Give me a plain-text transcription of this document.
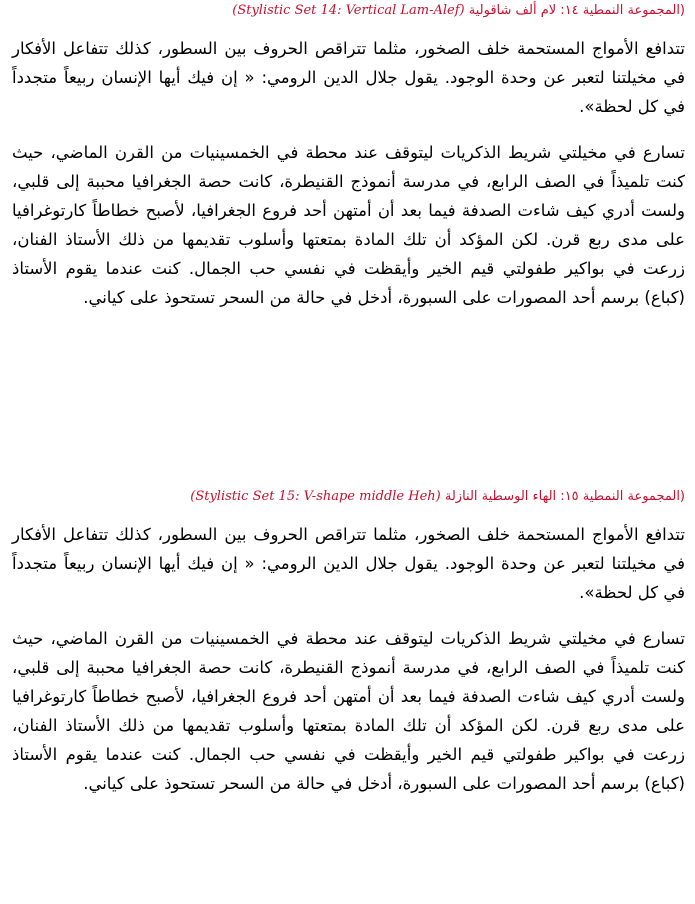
(المجموعة النمطية ١٤: لام ألف شاقولية (Stylistic Set 14: Vertical Lam-Alef)

تتدافع الأمواج المستحمة خلف الصخور، مثلما تتراقص الحروف بين السطور، كذلك تتفاعل الأفكار في مخيلتنا لتعبر عن وحدة الوجود. يقول جلال الدين الرومي: « إن فيك أيها الإنسان ربيعاً متجدداً في كل لحظة».

تسارع في مخيلتي شريط الذكريات ليتوقف عند محطة في الخمسينيات من القرن الماضي، حيث كنت تلميذاً في الصف الرابع، في مدرسة أنموذج القنيطرة، كانت حصة الجغرافيا محببة إلى قلبي، ولست أدري كيف شاءت الصدفة فيما بعد أن أمتهن أحد فروع الجغرافيا، لأصبح خطاطاً كارتوغرافيا على مدى ربع قرن. لكن المؤكد أن تلك المادة بمتعتها وأسلوب تقديمها من ذلك الأستاذ الفنان، زرعت في بواكير طفولتي قيم الخير وأيقظت في نفسي حب الجمال. كنت عندما يقوم الأستاذ (كباع) برسم أحد المصورات على السبورة، أدخل في حالة من السحر تستحوذ على كياني.

(المجموعة النمطية ١٥: الهاء الوسطية النازلة (Stylistic Set 15: V-shape middle Heh)

تتدافع الأمواج المستحمة خلف الصخور، مثلما تتراقص الحروف بين السطور، كذلك تتفاعل الأفكار في مخيلتنا لتعبر عن وحدة الوجود. يقول جلال الدين الرومي: « إن فيك أيها الإنسان ربيعاً متجدداً في كل لحظة».

تسارع في مخيلتي شريط الذكريات ليتوقف عند محطة في الخمسينيات من القرن الماضي، حيث كنت تلميذاً في الصف الرابع، في مدرسة أنموذج القنيطرة، كانت حصة الجغرافيا محببة إلى قلبي، ولست أدري كيف شاءت الصدفة فيما بعد أن أمتهن أحد فروع الجغرافيا، لأصبح خطاطاً كارتوغرافيا على مدى ربع قرن. لكن المؤكد أن تلك المادة بمتعتها وأسلوب تقديمها من ذلك الأستاذ الفنان، زرعت في بواكير طفولتي قيم الخير وأيقظت في نفسي حب الجمال. كنت عندما يقوم الأستاذ (كباع) برسم أحد المصورات على السبورة، أدخل في حالة من السحر تستحوذ على كياني.
